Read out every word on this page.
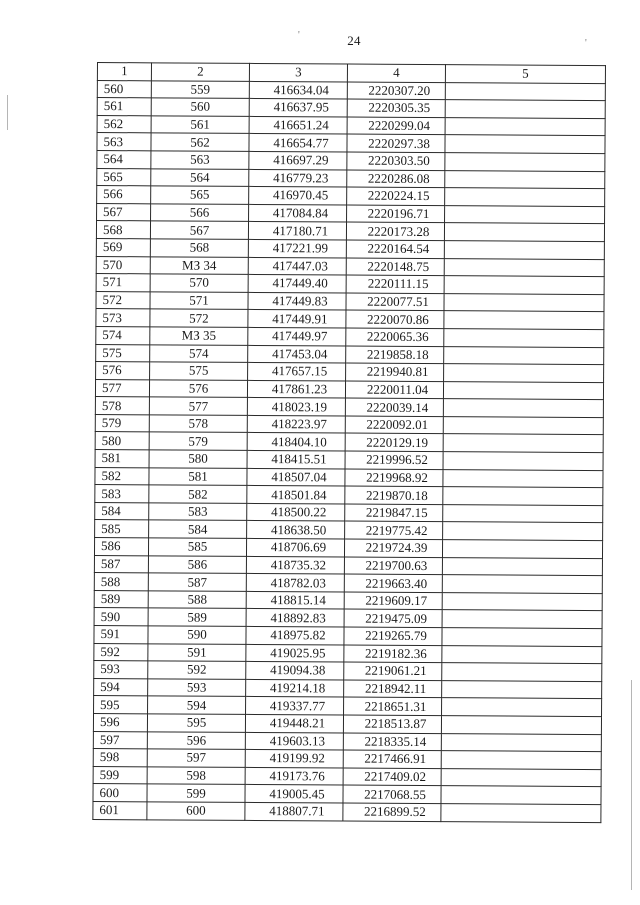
'
'
24
1	2	3	4	5
560	559	416634.04	2220307.20	
561	560	416637.95	2220305.35	
562	561	416651.24	2220299.04	
563	562	416654.77	2220297.38	
564	563	416697.29	2220303.50	
565	564	416779.23	2220286.08	
566	565	416970.45	2220224.15	
567	566	417084.84	2220196.71	
568	567	417180.71	2220173.28	
569	568	417221.99	2220164.54	
570	МЗ 34	417447.03	2220148.75	
571	570	417449.40	2220111.15	
572	571	417449.83	2220077.51	
573	572	417449.91	2220070.86	
574	МЗ 35	417449.97	2220065.36	
575	574	417453.04	2219858.18	
576	575	417657.15	2219940.81	
577	576	417861.23	2220011.04	
578	577	418023.19	2220039.14	
579	578	418223.97	2220092.01	
580	579	418404.10	2220129.19	
581	580	418415.51	2219996.52	
582	581	418507.04	2219968.92	
583	582	418501.84	2219870.18	
584	583	418500.22	2219847.15	
585	584	418638.50	2219775.42	
586	585	418706.69	2219724.39	
587	586	418735.32	2219700.63	
588	587	418782.03	2219663.40	
589	588	418815.14	2219609.17	
590	589	418892.83	2219475.09	
591	590	418975.82	2219265.79	
592	591	419025.95	2219182.36	
593	592	419094.38	2219061.21	
594	593	419214.18	2218942.11	
595	594	419337.77	2218651.31	
596	595	419448.21	2218513.87	
597	596	419603.13	2218335.14	
598	597	419199.92	2217466.91	
599	598	419173.76	2217409.02	
600	599	419005.45	2217068.55	
601	600	418807.71	2216899.52	
